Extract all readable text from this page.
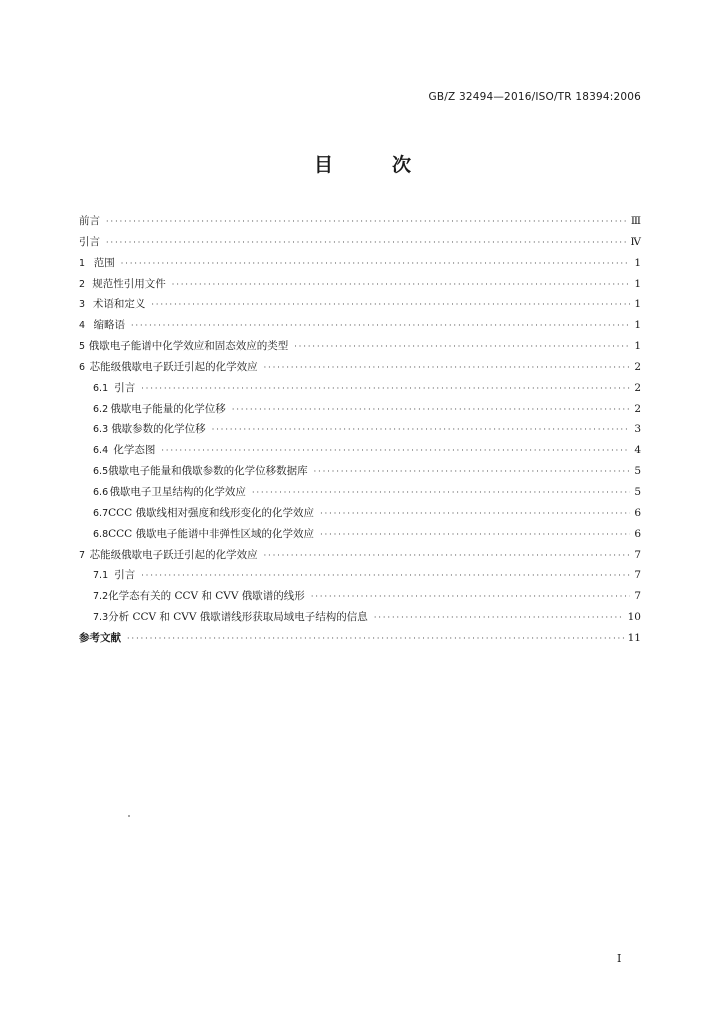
GB/Z 32494—2016/ISO/TR 18394:2006
目　次
前言 ·····	Ⅲ
引言 ·····	Ⅳ
1 范围 ·····	1
2 规范性引用文件 ·····	1
3 术语和定义 ·····	1
4 缩略语 ·····	1
5 俄歇电子能谱中化学效应和固态效应的类型 ·····	1
6 芯能级俄歇电子跃迁引起的化学效应 ·····	2
6.1 引言 ·····	2
6.2 俄歇电子能量的化学位移 ·····	2
6.3 俄歇参数的化学位移 ·····	3
6.4 化学态图 ·····	4
6.5 俄歇电子能量和俄歇参数的化学位移数据库 ·····	5
6.6 俄歇电子卫星结构的化学效应 ·····	5
6.7 CCC 俄歇线相对强度和线形变化的化学效应 ·····	6
6.8 CCC 俄歇电子能谱中非弹性区域的化学效应 ·····	6
7 芯能级俄歇电子跃迁引起的化学效应 ·····	7
7.1 引言 ·····	7
7.2 化学态有关的 CCV 和 CVV 俄歇谱的线形 ·····	7
7.3 分析 CCV 和 CVV 俄歇谱线形获取局域电子结构的信息 ·····	10
参考文献 ·····	11
I
